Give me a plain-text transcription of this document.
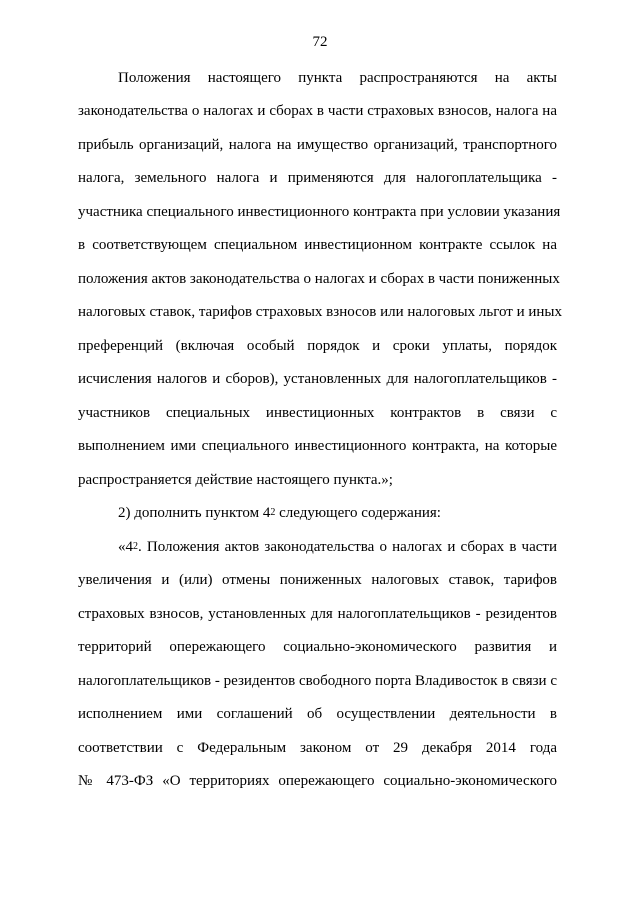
72
Положения настоящего пункта распространяются на акты
законодательства о налогах и сборах в части страховых взносов, налога на
прибыль организаций, налога на имущество организаций, транспортного
налога, земельного налога и применяются для налогоплательщика -
участника специального инвестиционного контракта при условии указания
в соответствующем специальном инвестиционном контракте ссылок на
положения актов законодательства о налогах и сборах в части пониженных
налоговых ставок, тарифов страховых взносов или налоговых льгот и иных
преференций (включая особый порядок и сроки уплаты, порядок
исчисления налогов и сборов), установленных для налогоплательщиков -
участников специальных инвестиционных контрактов в связи с
выполнением ими специального инвестиционного контракта, на которые
распространяется действие настоящего пункта.»;
2) дополнить пунктом $4^2$ следующего содержания:
«$4^2$. Положения актов законодательства о налогах и сборах в части
увеличения и (или) отмены пониженных налоговых ставок, тарифов
страховых взносов, установленных для налогоплательщиков - резидентов
территорий опережающего социально-экономического развития и
налогоплательщиков - резидентов свободного порта Владивосток в связи с
исполнением ими соглашений об осуществлении деятельности в
соответствии с Федеральным законом от 29 декабря 2014 года
№ 473-ФЗ «О территориях опережающего социально-экономического
